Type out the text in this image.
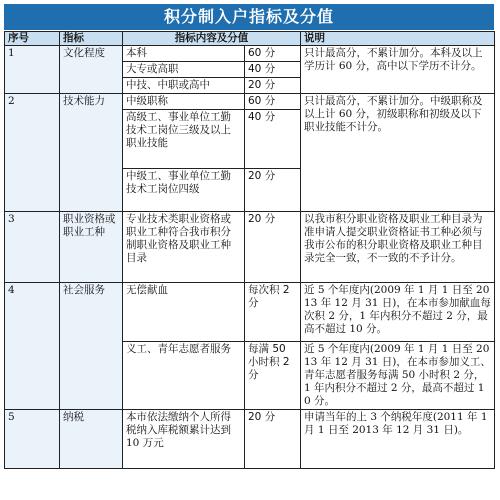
积分制入户指标及分值
序号	指标	指标内容及分值		说明
1	文化程度	本科	60 分	只计最高分，不累计加分。本科及以上学历计 60 分，高中以下学历不计分。
		大专或高职	40 分	
		中技、中职或高中	20 分	
2	技术能力	中级职称	60 分	只计最高分，不累计加分。中级职称及以上计 60 分，初级职称和初级及以下职业技能不计分。
		高级工、事业单位工勤技术工岗位三级及以上职业技能	40 分	
		中级工、事业单位工勤技术工岗位四级	20 分	
3	职业资格或职业工种	专业技术类职业资格或职业工种符合我市积分制职业资格及职业工种目录	20 分	以我市积分职业资格及职业工种目录为准申请人提交职业资格证书工种必须与我市公布的积分职业资格及职业工种目录完全一致，不一致的不予计分。
4	社会服务	无偿献血	每次积 2 分	近 5 个年度内(2009 年 1 月 1 日至 2013 年 12 月 31 日)，在本市参加献血每次积 2 分，1 年内积分不超过 2 分，最高不超过 10 分。
		义工、青年志愿者服务	每满 50 小时积 2 分	近 5 个年度内(2009 年 1 月 1 日至 2013 年 12 月 31 日)，在本市参加义工、青年志愿者服务每满 50 小时积 2 分，1 年内积分不超过 2 分，最高不超过 10 分。
5	纳税	本市依法缴纳个人所得税纳入库税额累计达到 10 万元	20 分	申请当年的上 3 个纳税年度(2011 年 1 月 1 日至 2013 年 12 月 31 日)。
